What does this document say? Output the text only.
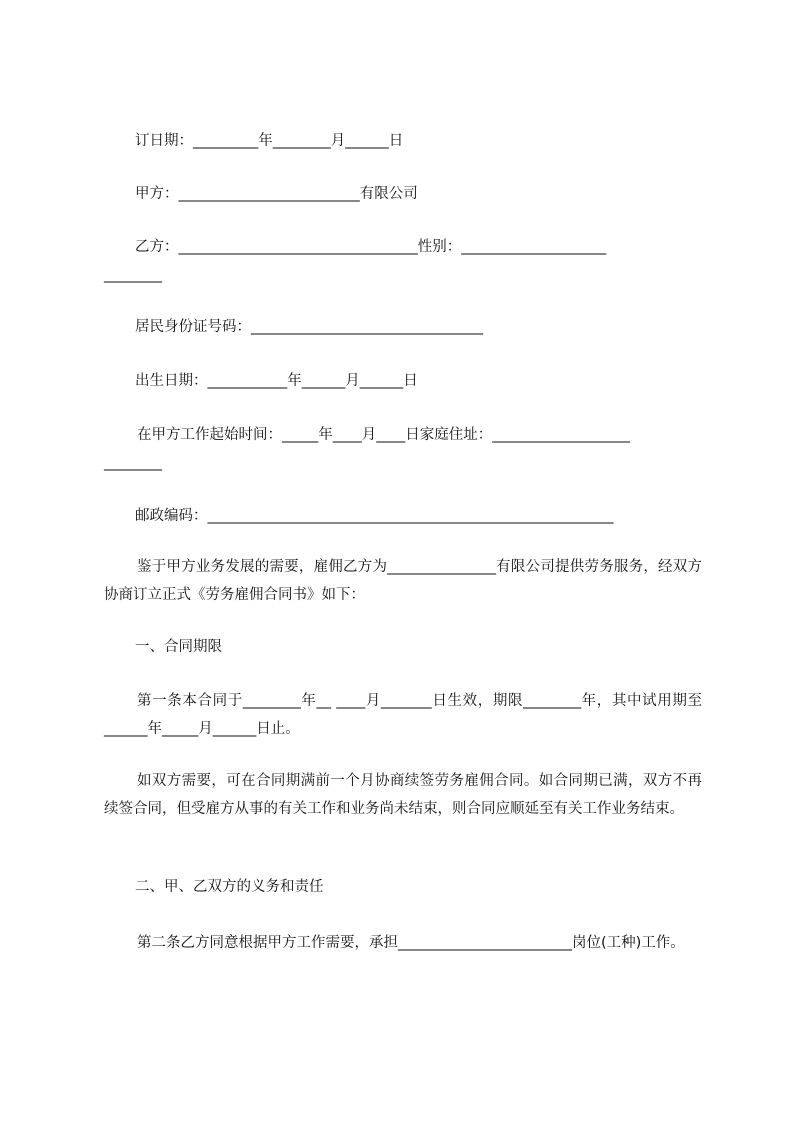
订日期：_________年________月______日
甲方：_________________________有限公司
乙方：_________________________________性别：____________________
________
居民身份证号码：________________________________
出生日期：___________年______月______日
在甲方工作起始时间：_____年____月____日家庭住址：___________________
________
邮政编码：________________________________________________________
鉴于甲方业务发展的需要，雇佣乙方为_______________有限公司提供劳务服务，经双方协商订立正式《劳务雇佣合同书》如下：
一、合同期限
第一条本合同于________年__ ____月_______日生效，期限________年，其中试用期至______年_____月______日止。
如双方需要，可在合同期满前一个月协商续签劳务雇佣合同。如合同期已满，双方不再续签合同，但受雇方从事的有关工作和业务尚未结束，则合同应顺延至有关工作业务结束。
二、甲、乙双方的义务和责任
第二条乙方同意根据甲方工作需要，承担________________________岗位(工种)工作。
